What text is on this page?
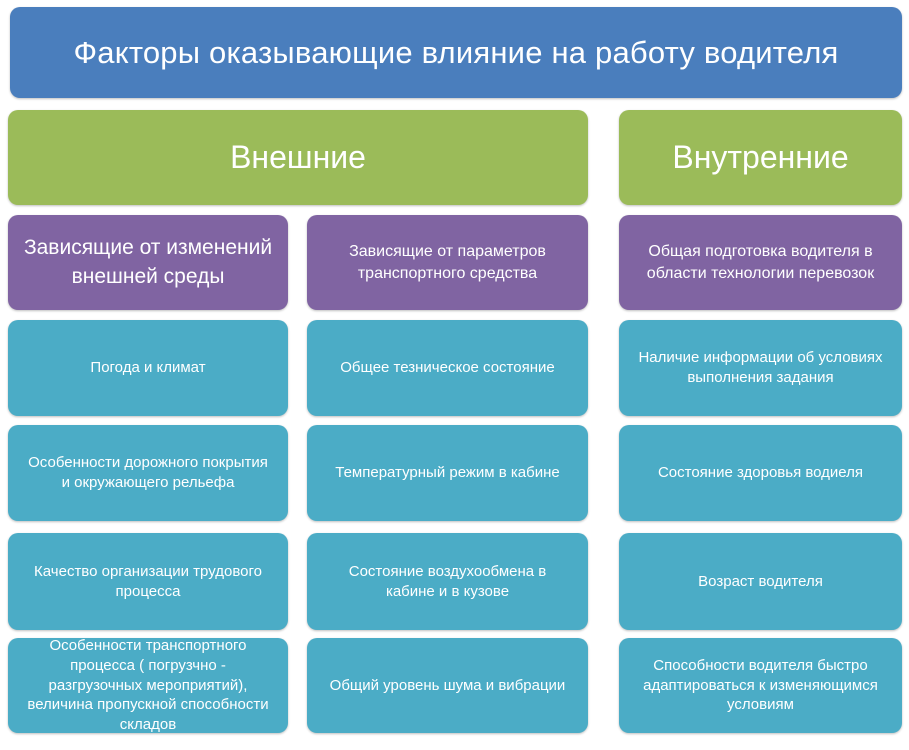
Факторы оказывающие влияние на работу водителя
Внешние	Внутренние
Зависящие от изменений внешней среды
Погода и климат
Особенности дорожного покрытия и окружающего рельефа
Качество организации трудового процесса
Особенности транспортного процесса ( погрузчно - разгрузочных мероприятий), величина пропускной способности складов
Зависящие от параметров транспортного средства
Общее тезническое состояние
Температурный режим в кабине
Состояние воздухообмена в кабине и в кузове
Общий уровень шума и вибрации
Общая подготовка водителя в области технологии перевозок
Наличие информации об условиях выполнения задания
Состояние здоровья водиеля
Возраст водителя
Способности водителя быстро адаптироваться к изменяющимся условиям
